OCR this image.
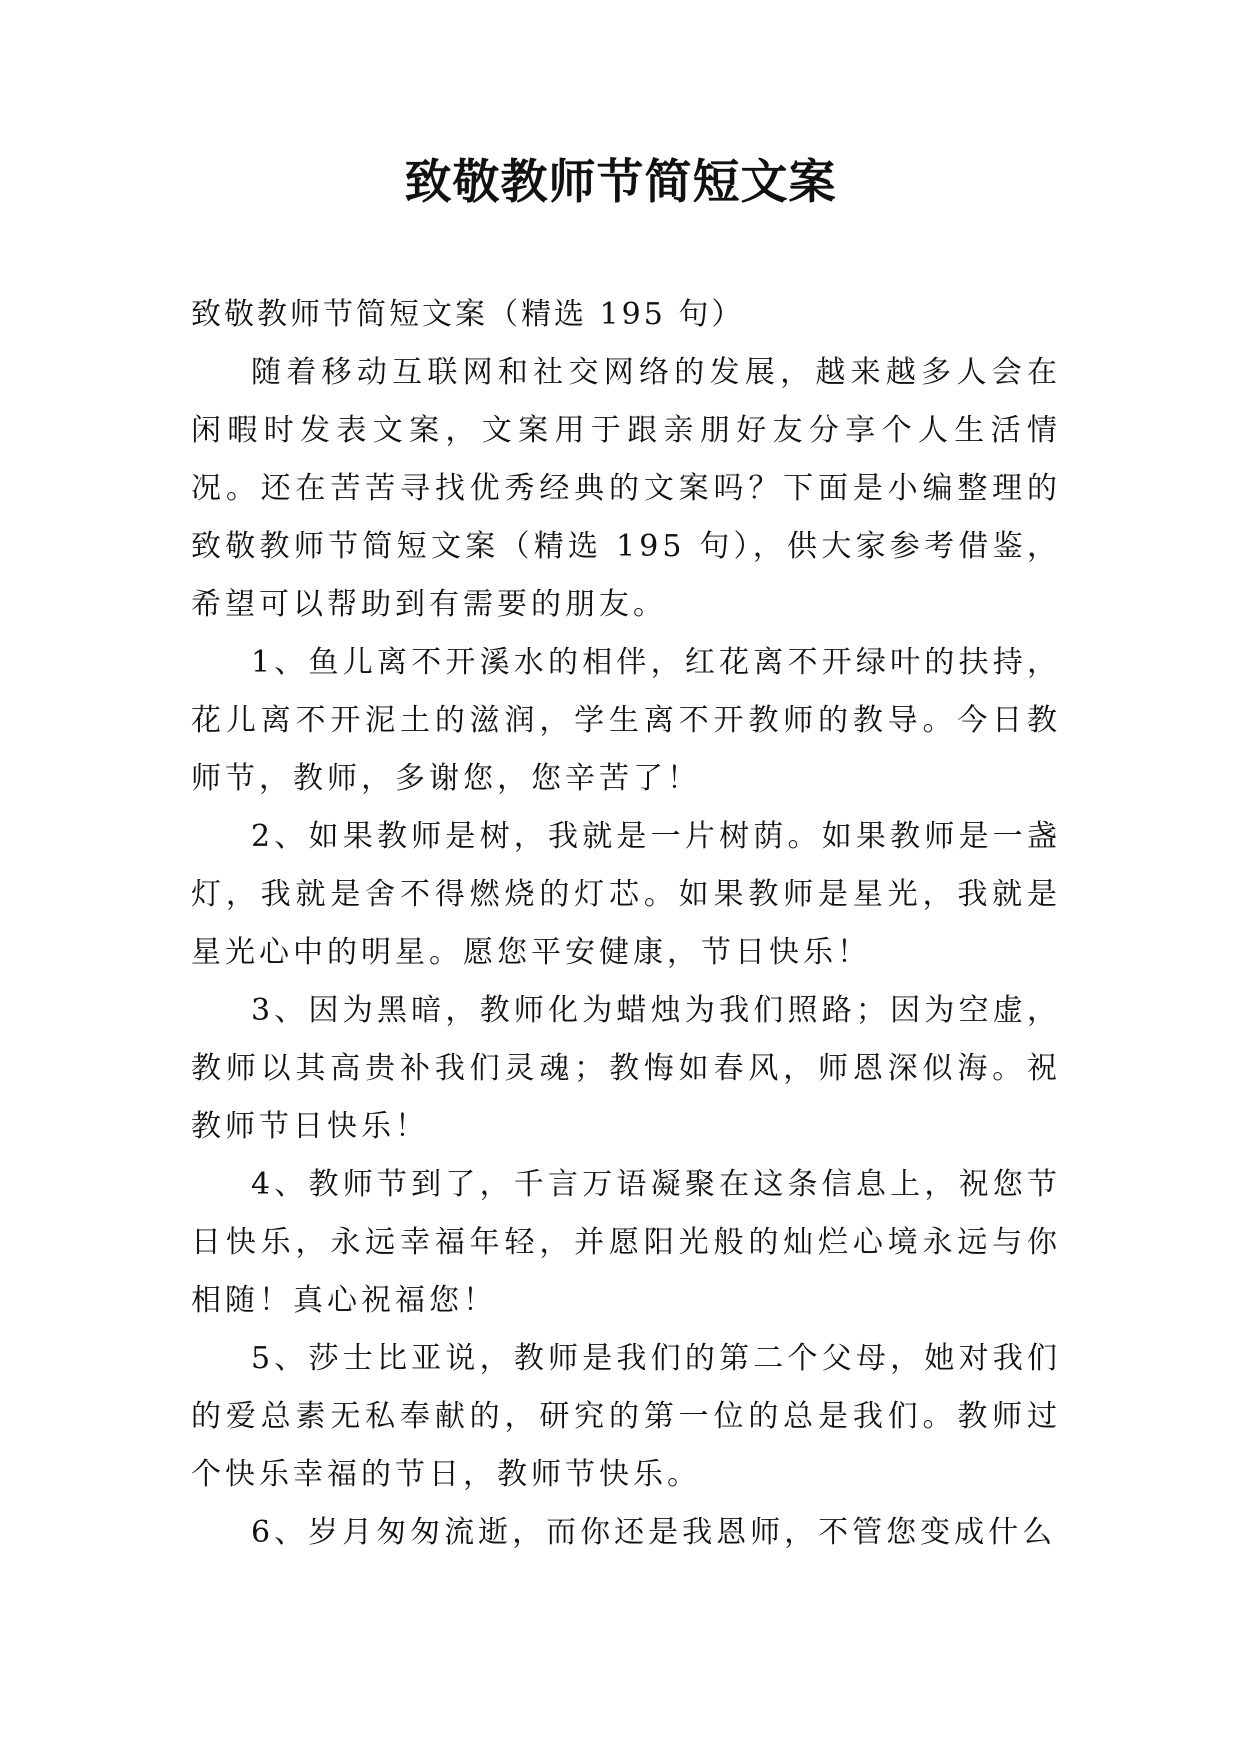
致敬教师节简短文案

致敬教师节简短文案（精选 195 句）

随着移动互联网和社交网络的发展，越来越多人会在闲暇时发表文案，文案用于跟亲朋好友分享个人生活情况。还在苦苦寻找优秀经典的文案吗？下面是小编整理的致敬教师节简短文案（精选 195 句），供大家参考借鉴，希望可以帮助到有需要的朋友。

1、鱼儿离不开溪水的相伴，红花离不开绿叶的扶持，花儿离不开泥土的滋润，学生离不开教师的教导。今日教师节，教师，多谢您，您辛苦了！

2、如果教师是树，我就是一片树荫。如果教师是一盏灯，我就是舍不得燃烧的灯芯。如果教师是星光，我就是星光心中的明星。愿您平安健康，节日快乐！

3、因为黑暗，教师化为蜡烛为我们照路；因为空虚，教师以其高贵补我们灵魂；教悔如春风，师恩深似海。祝教师节日快乐！

4、教师节到了，千言万语凝聚在这条信息上，祝您节日快乐，永远幸福年轻，并愿阳光般的灿烂心境永远与你相随！真心祝福您！

5、莎士比亚说，教师是我们的第二个父母，她对我们的爱总素无私奉献的，研究的第一位的总是我们。教师过个快乐幸福的节日，教师节快乐。

6、岁月匆匆流逝，而你还是我恩师，不管您变成什么
